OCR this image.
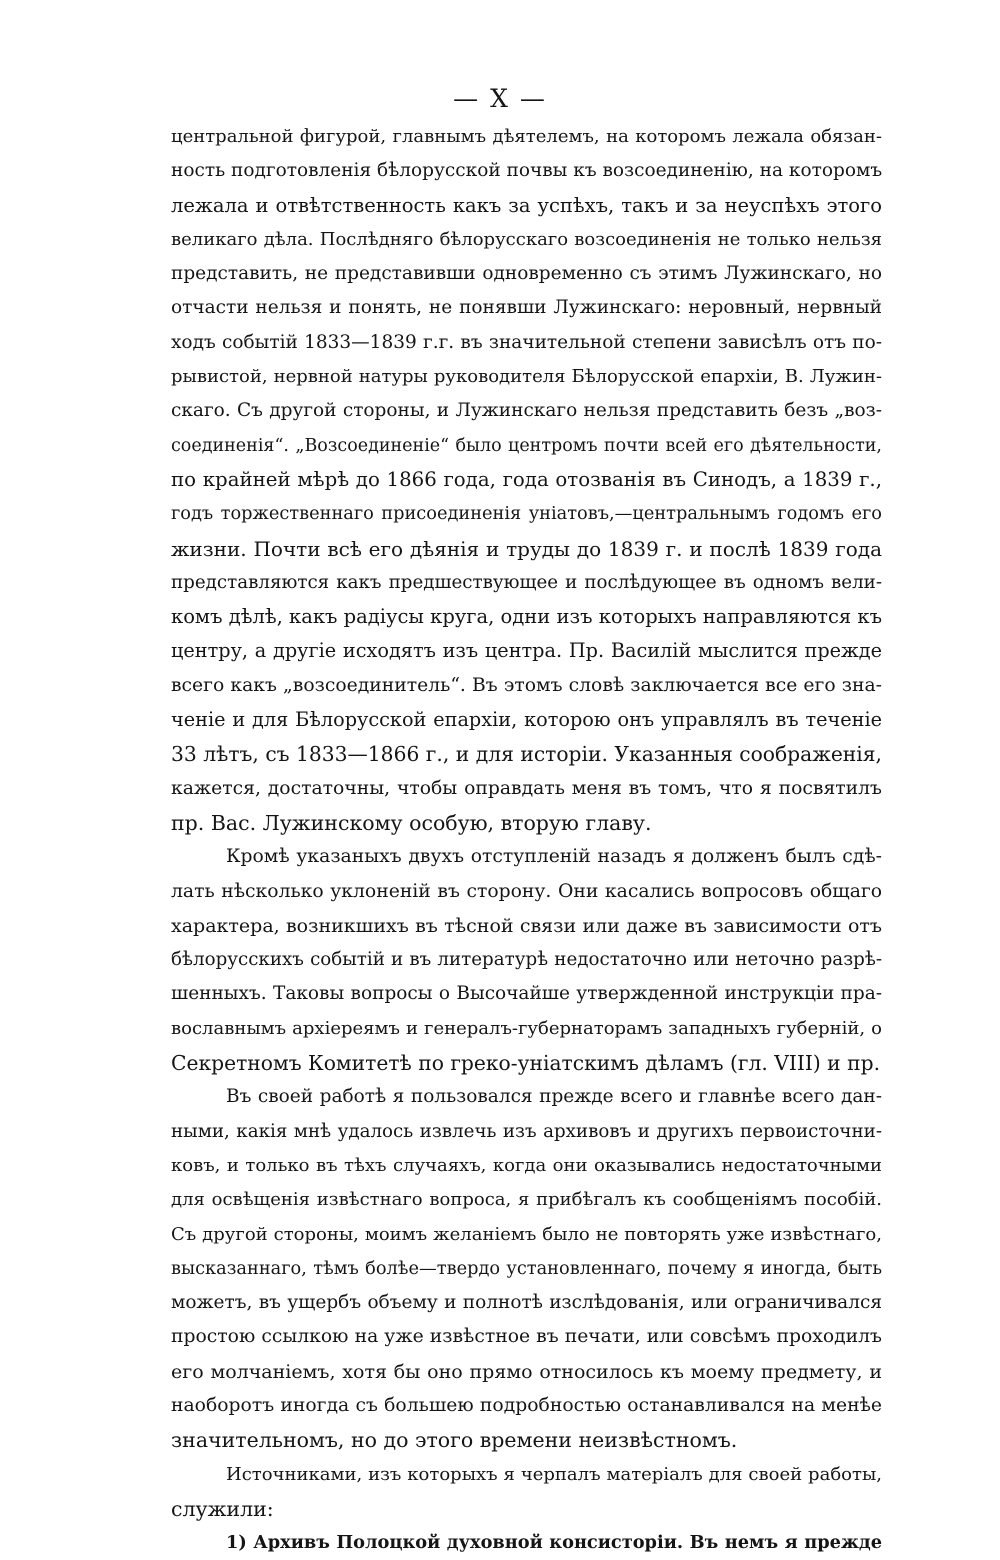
— X —
центральной фигурой, главнымъ дѣятелемъ, на которомъ лежала обязан-
ность подготовленія бѣлорусской почвы къ возсоединенію, на которомъ
лежала и отвѣтственность какъ за успѣхъ, такъ и за неуспѣхъ этого
великаго дѣла. Послѣдняго бѣлорусскаго возсоединенія не только нельзя
представить, не представивши одновременно съ этимъ Лужинскаго, но
отчасти нельзя и понять, не понявши Лужинскаго: неровный, нервный
ходъ событій 1833—1839 г.г. въ значительной степени зависѣлъ отъ по-
рывистой, нервной натуры руководителя Бѣлорусской епархіи, В. Лужин-
скаго. Съ другой стороны, и Лужинскаго нельзя представить безъ „воз-
соединенія“. „Возсоединеніе“ было центромъ почти всей его дѣятельности,
по крайней мѣрѣ до 1866 года, года отозванія въ Синодъ, а 1839 г.,
годъ торжественнаго присоединенія уніатовъ,—центральнымъ годомъ его
жизни. Почти всѣ его дѣянія и труды до 1839 г. и послѣ 1839 года
представляются какъ предшествующее и послѣдующее въ одномъ вели-
комъ дѣлѣ, какъ радіусы круга, одни изъ которыхъ направляются къ
центру, а другіе исходятъ изъ центра. Пр. Василій мыслится прежде
всего какъ „возсоединитель“. Въ этомъ словѣ заключается все его зна-
ченіе и для Бѣлорусской епархіи, которою онъ управлялъ въ теченіе
33 лѣтъ, съ 1833—1866 г., и для исторіи. Указанныя соображенія,
кажется, достаточны, чтобы оправдать меня въ томъ, что я посвятилъ
пр. Вас. Лужинскому особую, вторую главу.
Кромѣ указаныхъ двухъ отступленій назадъ я долженъ былъ сдѣ-
лать нѣсколько уклоненій въ сторону. Они касались вопросовъ общаго
характера, возникшихъ въ тѣсной связи или даже въ зависимости отъ
бѣлорусскихъ событій и въ литературѣ недостаточно или неточно разрѣ-
шенныхъ. Таковы вопросы о Высочайше утвержденной инструкціи пра-
вославнымъ архіереямъ и генералъ-губернаторамъ западныхъ губерній, о
Секретномъ Комитетѣ по греко-уніатскимъ дѣламъ (гл. VIII) и пр.
Въ своей работѣ я пользовался прежде всего и главнѣе всего дан-
ными, какія мнѣ удалось извлечь изъ архивовъ и другихъ первоисточни-
ковъ, и только въ тѣхъ случаяхъ, когда они оказывались недостаточными
для освѣщенія извѣстнаго вопроса, я прибѣгалъ къ сообщеніямъ пособій.
Съ другой стороны, моимъ желаніемъ было не повторять уже извѣстнаго,
высказаннаго, тѣмъ болѣе—твердо установленнаго, почему я иногда, быть
можетъ, въ ущербъ объему и полнотѣ изслѣдованія, или ограничивался
простою ссылкою на уже извѣстное въ печати, или совсѣмъ проходилъ
его молчаніемъ, хотя бы оно прямо относилось къ моему предмету, и
наоборотъ иногда съ большею подробностью останавливался на менѣе
значительномъ, но до этого времени неизвѣстномъ.
Источниками, изъ которыхъ я черпалъ матеріалъ для своей работы,
служили:
1) Архивъ Полоцкой духовной консисторіи. Въ немъ я прежде
